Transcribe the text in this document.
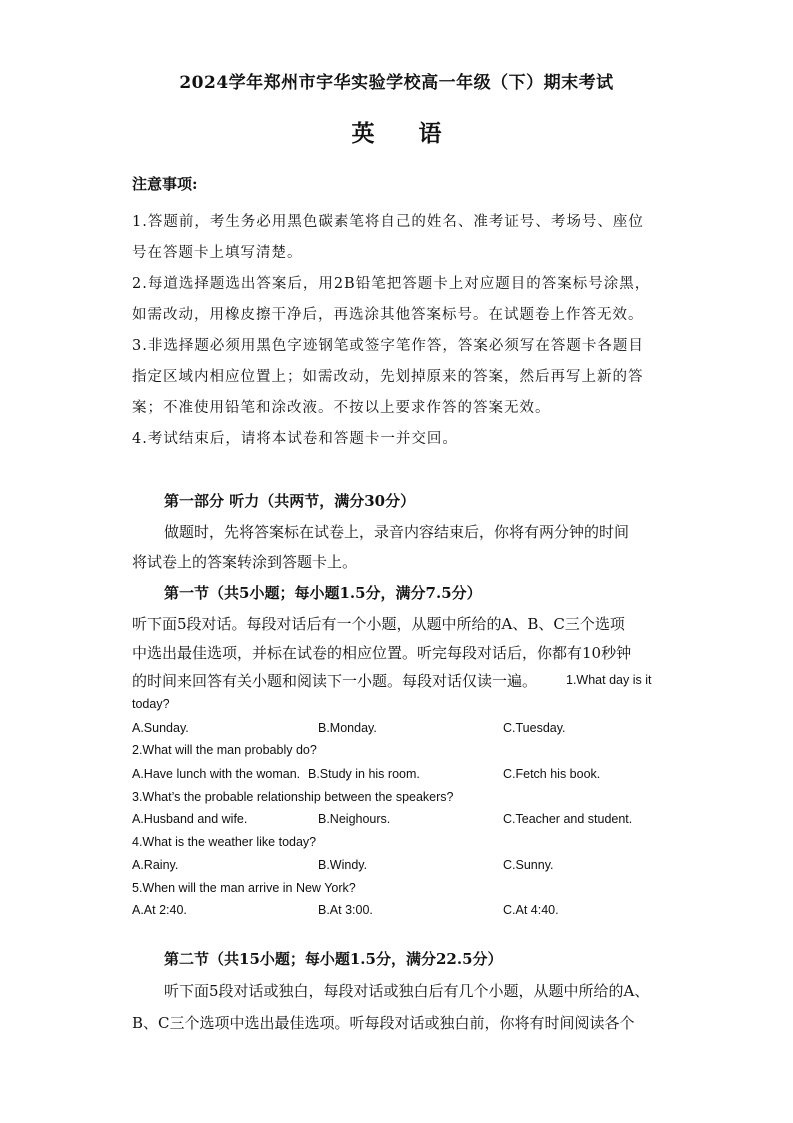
2024学年郑州市宇华实验学校高一年级（下）期末考试
英 语
注意事项:
1.答题前，考生务必用黑色碳素笔将自己的姓名、准考证号、考场号、座位
号在答题卡上填写清楚。
2.每道选择题选出答案后，用2B铅笔把答题卡上对应题目的答案标号涂黑，
如需改动，用橡皮擦干净后，再选涂其他答案标号。在试题卷上作答无效。
3.非选择题必须用黑色字迹钢笔或签字笔作答，答案必须写在答题卡各题目
指定区域内相应位置上；如需改动，先划掉原来的答案，然后再写上新的答
案；不准使用铅笔和涂改液。不按以上要求作答的答案无效。
4.考试结束后，请将本试卷和答题卡一并交回。
第一部分 听力（共两节，满分30分）
做题时，先将答案标在试卷上，录音内容结束后，你将有两分钟的时间
将试卷上的答案转涂到答题卡上。
第一节（共5小题；每小题1.5分，满分7.5分）
听下面5段对话。每段对话后有一个小题，从题中所给的A、B、C三个选项
中选出最佳选项，并标在试卷的相应位置。听完每段对话后，你都有10秒钟
的时间来回答有关小题和阅读下一小题。每段对话仅读一遍。 1.What day is it
today?
A.Sunday.	B.Monday.	C.Tuesday.
2.What will the man probably do?
A.Have lunch with the woman. B.Study in his room.	C.Fetch his book.
3.What’s the probable relationship between the speakers?
A.Husband and wife.	B.Neighours.	C.Teacher and student.
4.What is the weather like today?
A.Rainy.	B.Windy.	C.Sunny.
5.When will the man arrive in New York?
A.At 2:40.	B.At 3:00.	C.At 4:40.
第二节（共15小题；每小题1.5分，满分22.5分）
听下面5段对话或独白，每段对话或独白后有几个小题，从题中所给的A、
B、C三个选项中选出最佳选项。听每段对话或独白前，你将有时间阅读各个
